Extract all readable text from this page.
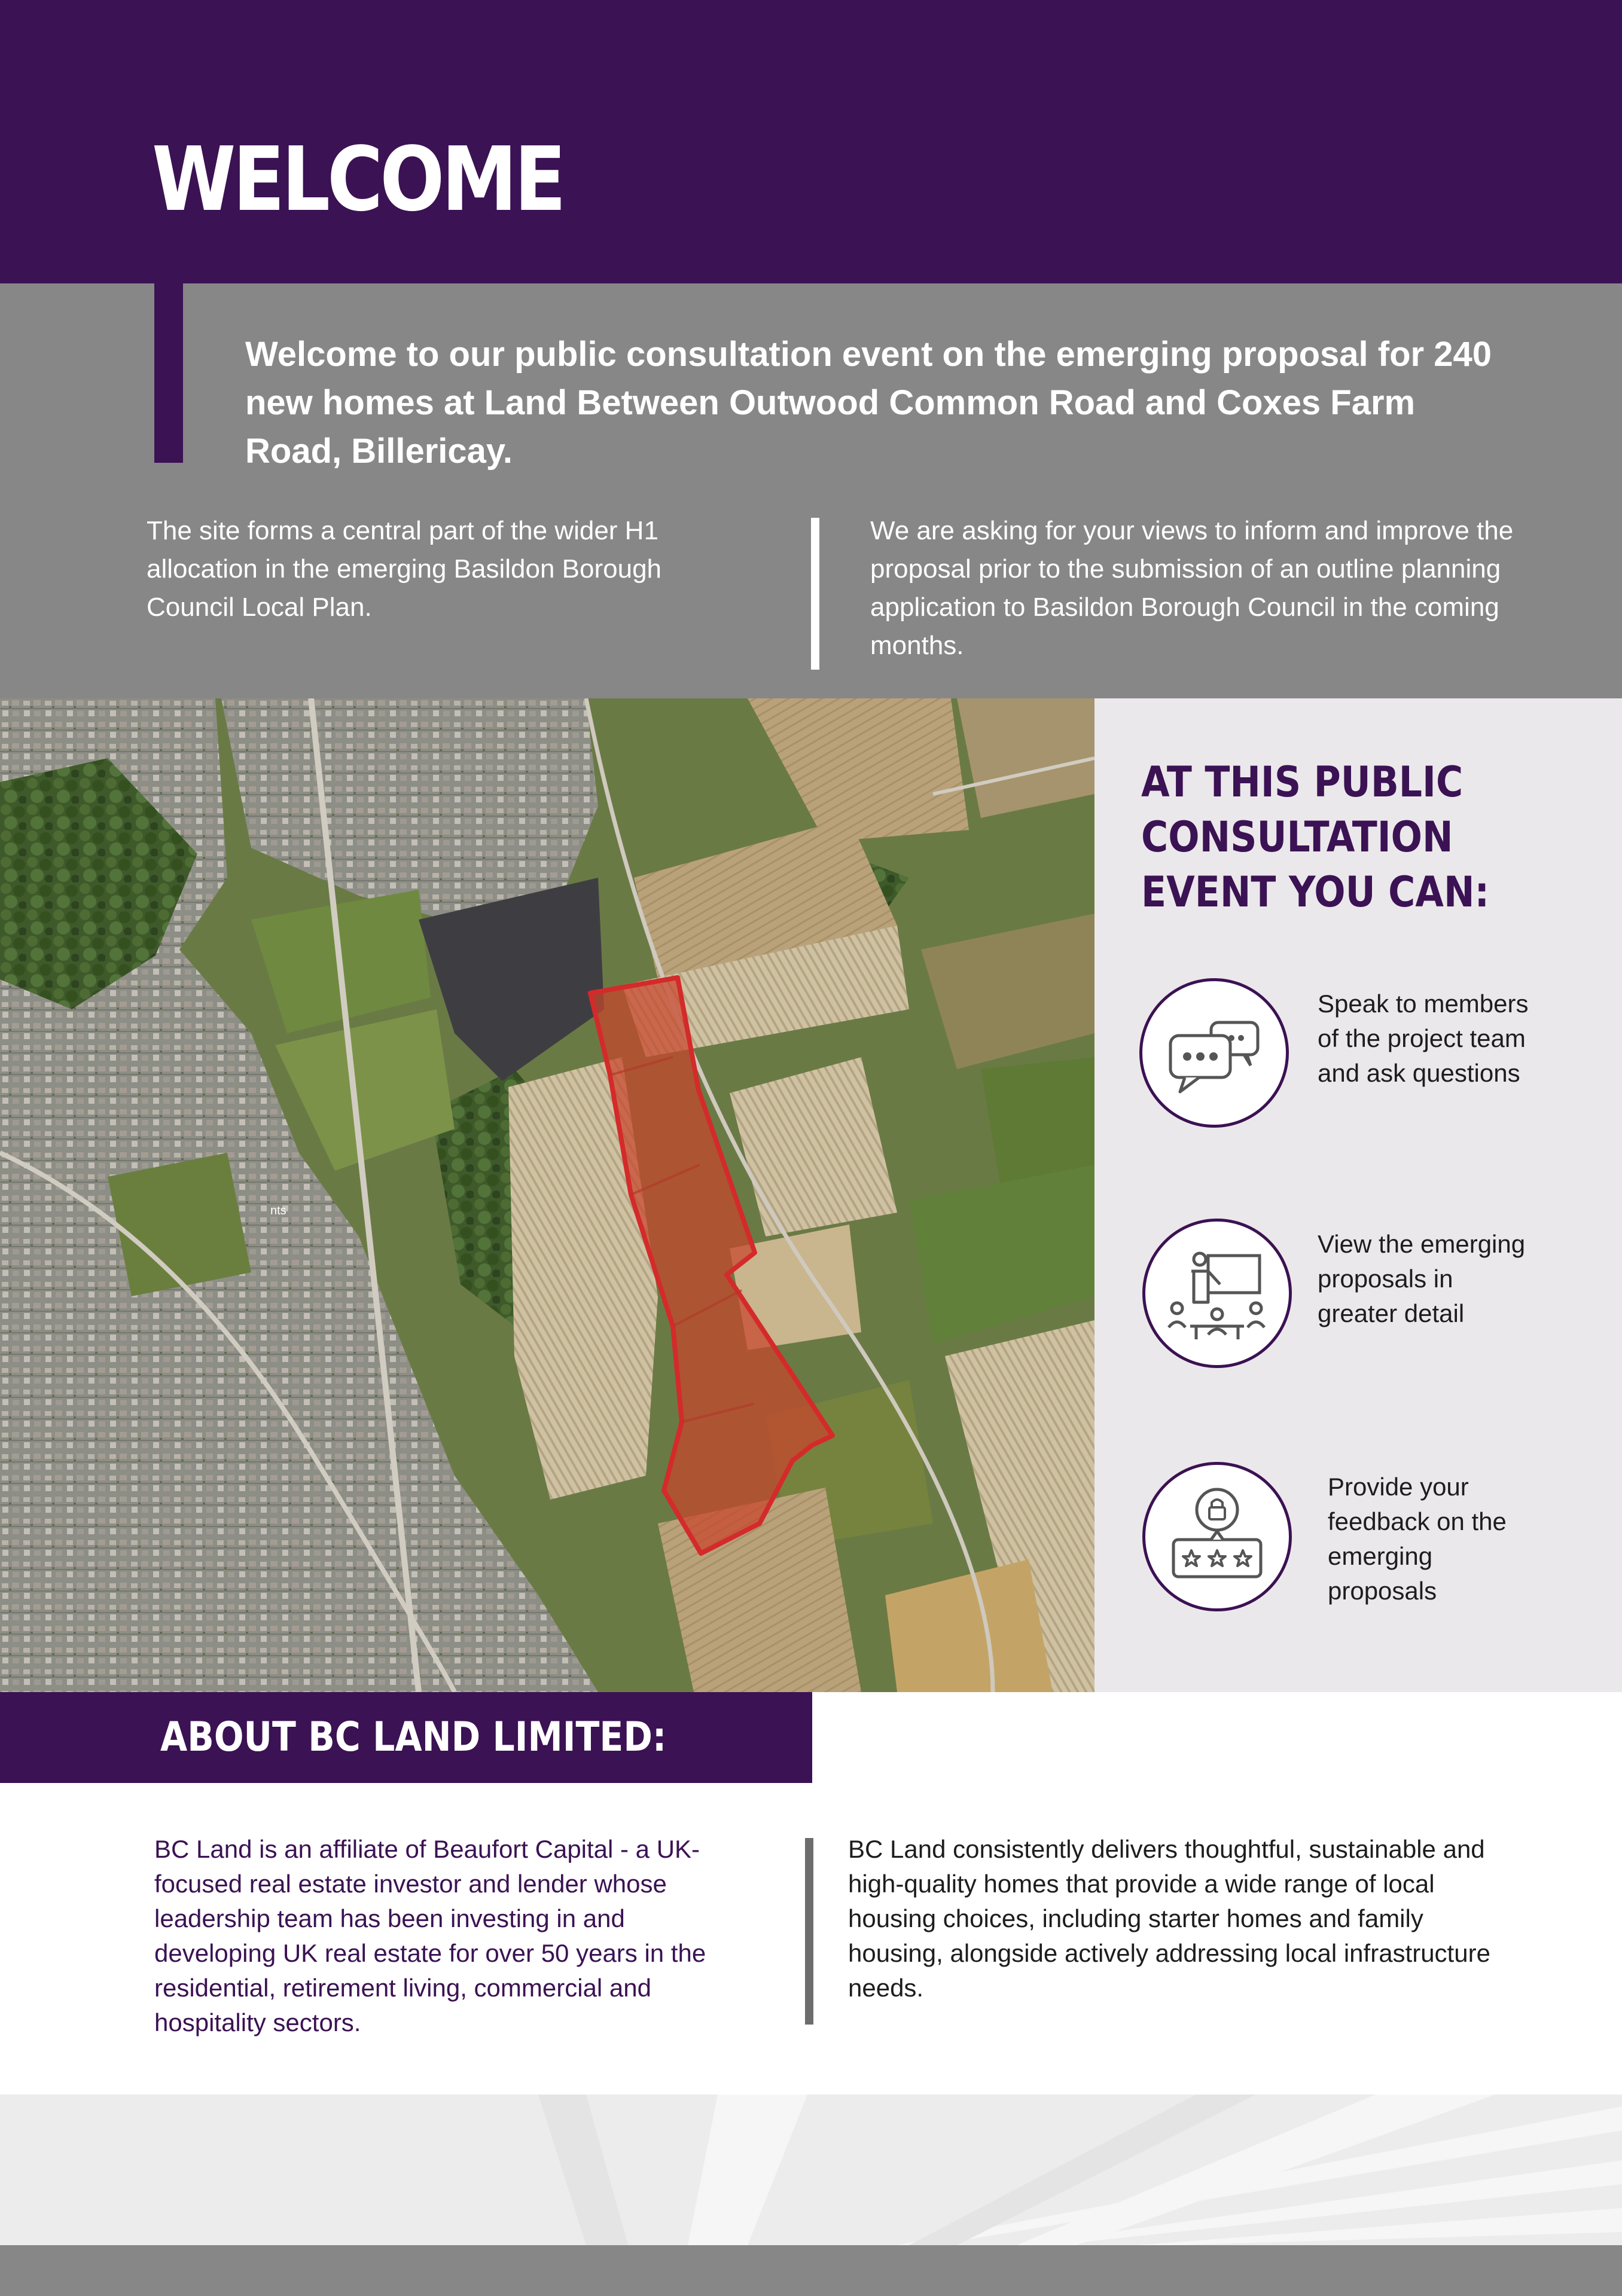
WELCOME

Welcome to our public consultation event on the emerging proposal for 240 new homes at Land Between Outwood Common Road and Coxes Farm Road, Billericay.

The site forms a central part of the wider H1 allocation in the emerging Basildon Borough Council Local Plan.

We are asking for your views to inform and improve the proposal prior to the submission of an outline planning application to Basildon Borough Council in the coming months.

nts
AT THIS PUBLIC CONSULTATION EVENT YOU CAN:

Speak to members of the project team and ask questions

View the emerging proposals in greater detail

Provide your feedback on the emerging proposals

ABOUT BC LAND LIMITED:

BC Land is an affiliate of Beaufort Capital - a UK-focused real estate investor and lender whose leadership team has been investing in and developing UK real estate for over 50 years in the residential, retirement living, commercial and hospitality sectors.

BC Land consistently delivers thoughtful, sustainable and high-quality homes that provide a wide range of local housing choices, including starter homes and family housing, alongside actively addressing local infrastructure needs.
